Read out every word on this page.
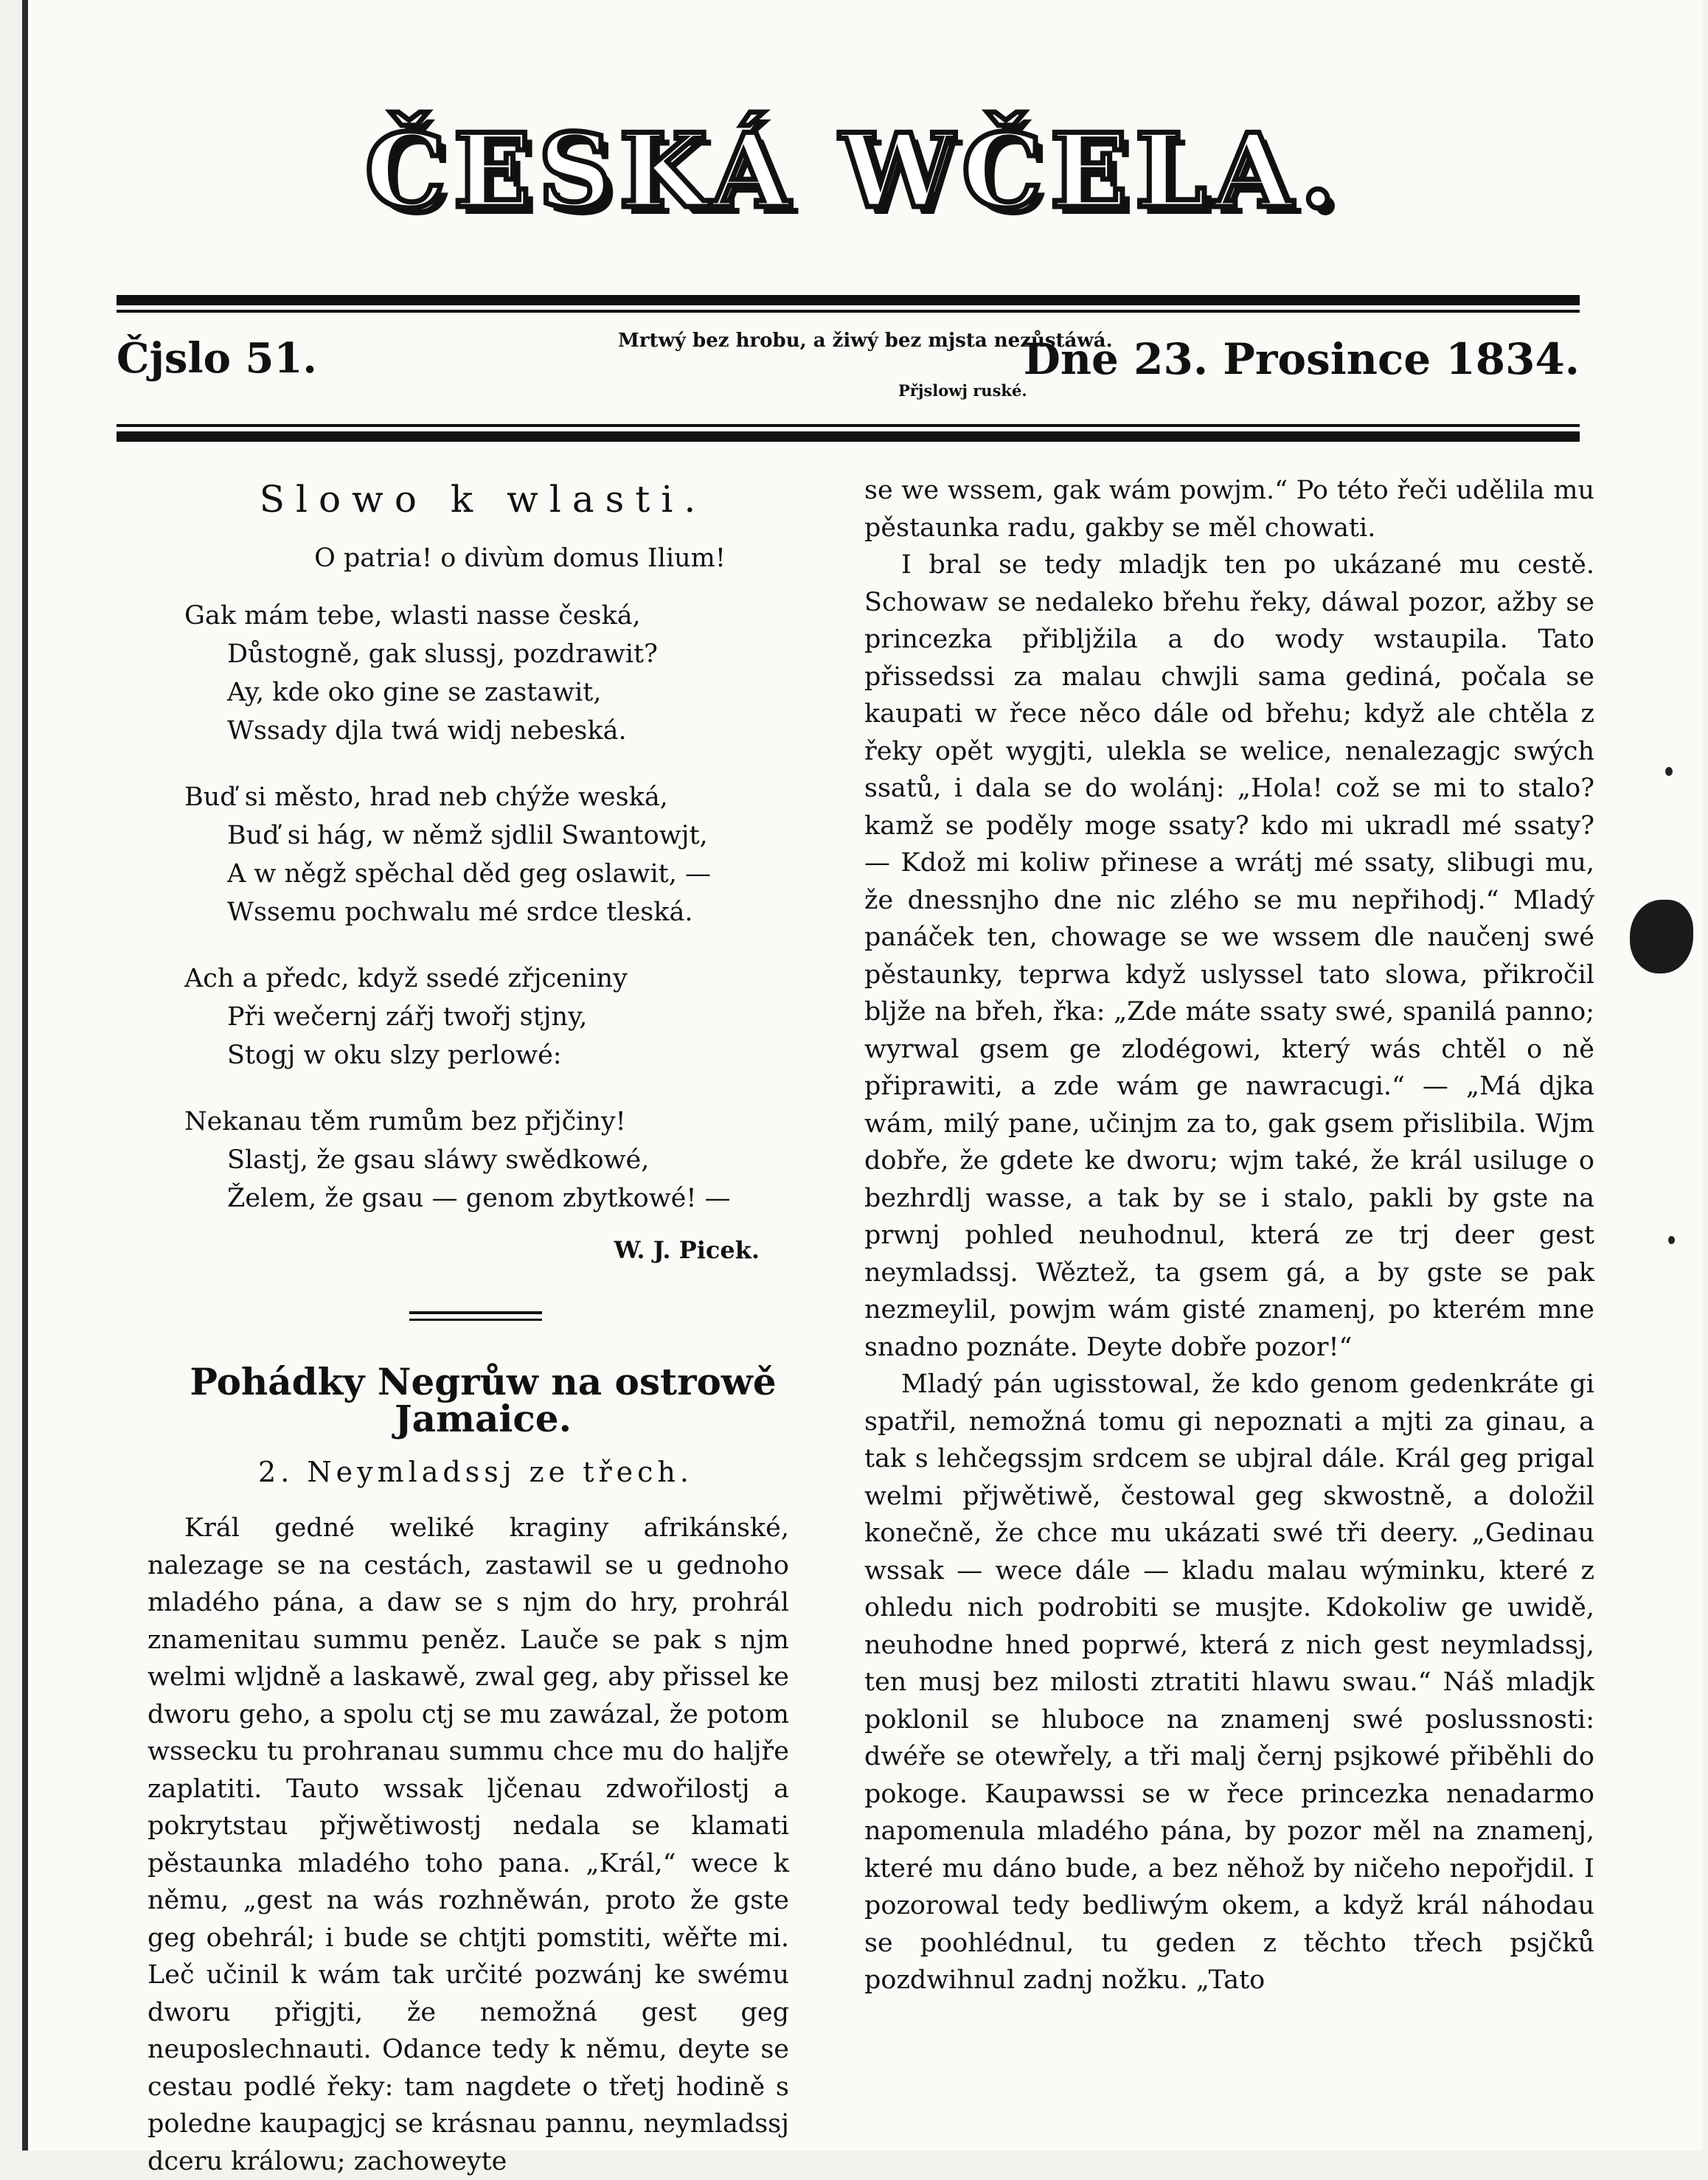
ČESKÁ WČELA.
Čjslo 51.	Mrtwý bez hrobu, a žiwý bez mjsta nezůstáwá.
Přjslowj ruské.
Dne 23. Prosince 1834.
Slowo k wlasti.
O patria! o divùm domus Ilium!
Gak mám tebe, wlasti nasse česká,
Důstogně, gak slussj, pozdrawit?
Ay, kde oko gine se zastawit,
Wssady djla twá widj nebeská.
Buď si město, hrad neb chýže weská,
Buď si hág, w němž sjdlil Swantowjt,
A w něgž spěchal děd geg oslawit, —
Wssemu pochwalu mé srdce tleská.
Ach a předc, když ssedé zřjceniny
Při wečernj zářj twořj stjny,
Stogj w oku slzy perlowé:
Nekanau těm rumům bez přjčiny!
Slastj, že gsau sláwy swědkowé,
Želem, že gsau — genom zbytkowé! —
W. J. Picek.
Pohádky Negrůw na ostrowě Jamaice.
2. Neymladssj ze třech.

Král gedné weliké kraginy afrikánské, nalezage se na cestách, zastawil se u gednoho mladého pána, a daw se s njm do hry, prohrál znamenitau summu peněz. Lauče se pak s njm welmi wljdně a laskawě, zwal geg, aby přissel ke dworu geho, a spolu ctj se mu zawázal, že potom wssecku tu prohranau summu chce mu do haljře zaplatiti. Tauto wssak ljčenau zdwořilostj a pokrytstau přjwětiwostj nedala se klamati pěstaunka mladého toho pana. „Král,“ wece k němu, „gest na wás rozhněwán, proto že gste geg obehrál; i bude se chtjti pomstiti, wěřte mi. Leč učinil k wám tak určité pozwánj ke swému dworu přigjti, že nemožná gest geg neuposlechnauti. Odance tedy k němu, deyte se cestau podlé řeky: tam nagdete o třetj hodině s poledne kaupagjcj se krásnau pannu, neymladssj dceru králowu; zachoweyte

se we wssem, gak wám powjm.“ Po této řeči udělila mu pěstaunka radu, gakby se měl chowati.

I bral se tedy mladjk ten po ukázané mu cestě. Schowaw se nedaleko břehu řeky, dáwal pozor, ažby se princezka přibljžila a do wody wstaupila. Tato přissedssi za malau chwjli sama gediná, počala se kaupati w řece něco dále od břehu; když ale chtěla z řeky opět wygjti, ulekla se welice, nenalezagjc swých ssatů, i dala se do wolánj: „Hola! což se mi to stalo? kamž se poděly moge ssaty? kdo mi ukradl mé ssaty? — Kdož mi koliw přinese a wrátj mé ssaty, slibugi mu, že dnessnjho dne nic zlého se mu nepřihodj.“ Mladý panáček ten, chowage se we wssem dle naučenj swé pěstaunky, teprwa když uslyssel tato slowa, přikročil bljže na břeh, řka: „Zde máte ssaty swé, spanilá panno; wyrwal gsem ge zlodégowi, který wás chtěl o ně připrawiti, a zde wám ge nawracugi.“ — „Má djka wám, milý pane, učinjm za to, gak gsem přislibila. Wjm dobře, že gdete ke dworu; wjm také, že král usiluge o bezhrdlj wasse, a tak by se i stalo, pakli by gste na prwnj pohled neuhodnul, která ze trj deer gest neymladssj. Wěztež, ta gsem gá, a by gste se pak nezmeylil, powjm wám gisté znamenj, po kterém mne snadno poznáte. Deyte dobře pozor!“

Mladý pán ugisstowal, že kdo genom gedenkráte gi spatřil, nemožná tomu gi nepoznati a mjti za ginau, a tak s lehčegssjm srdcem se ubjral dále. Král geg prigal welmi přjwětiwě, čestowal geg skwostně, a doložil konečně, že chce mu ukázati swé tři deery. „Gedinau wssak — wece dále — kladu malau wýminku, které z ohledu nich podrobiti se musjte. Kdokoliw ge uwidě, neuhodne hned poprwé, která z nich gest neymladssj, ten musj bez milosti ztratiti hlawu swau.“ Náš mladjk poklonil se hluboce na znamenj swé poslussnosti: dwéře se otewřely, a tři malj černj psjkowé přiběhli do pokoge. Kaupawssi se w řece princezka nenadarmo napomenula mladého pána, by pozor měl na znamenj, které mu dáno bude, a bez něhož by ničeho nepořjdil. I pozorowal tedy bedliwým okem, a když král náhodau se poohlédnul, tu geden z těchto třech psjčků pozdwihnul zadnj nožku. „Tato
